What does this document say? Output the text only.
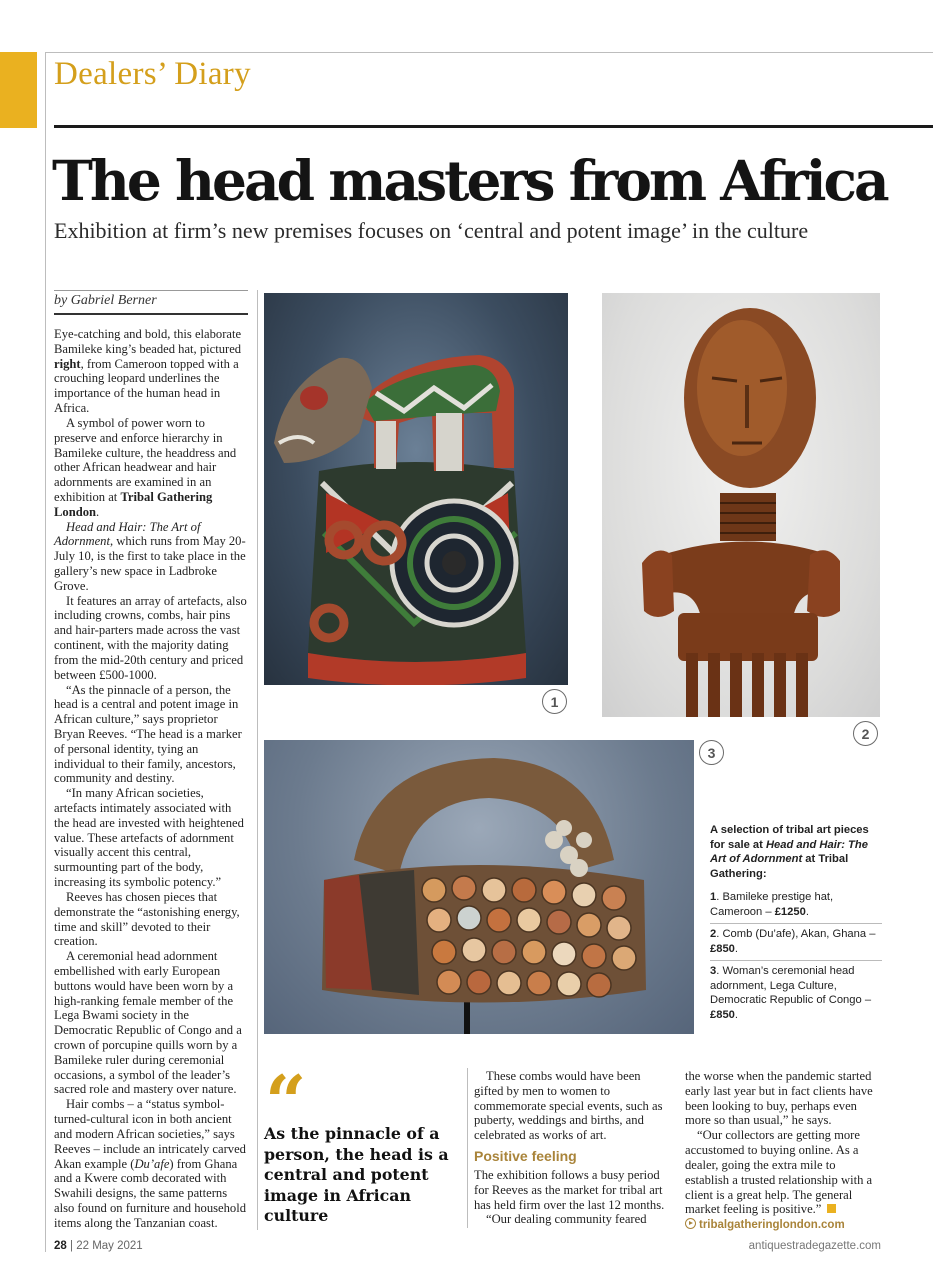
Dealers’ Diary
The head masters from Africa
Exhibition at firm’s new premises focuses on ‘central and potent image’ in the culture
by Gabriel Berner

Eye-catching and bold, this elaborate Bamileke king’s beaded hat, pictured right, from Cameroon topped with a crouching leopard underlines the importance of the human head in Africa.

A symbol of power worn to preserve and enforce hierarchy in Bamileke culture, the headdress and other African headwear and hair adornments are examined in an exhibition at Tribal Gathering London.

Head and Hair: The Art of Adornment, which runs from May 20-July 10, is the first to take place in the gallery’s new space in Ladbroke Grove.

It features an array of artefacts, also including crowns, combs, hair pins and hair-parters made across the vast continent, with the majority dating from the mid-20th century and priced between £500-1000.

“As the pinnacle of a person, the head is a central and potent image in African culture,” says proprietor Bryan Reeves. “The head is a marker of personal identity, tying an individual to their family, ancestors, community and destiny.

“In many African societies, artefacts intimately associated with the head are invested with heightened value. These artefacts of adornment visually accent this central, surmounting part of the body, increasing its symbolic potency.”

Reeves has chosen pieces that demonstrate the “astonishing energy, time and skill” devoted to their creation.

A ceremonial head adornment embellished with early European buttons would have been worn by a high-ranking female member of the Lega Bwami society in the Democratic Republic of Congo and a crown of porcupine quills worn by a Bamileke ruler during ceremonial occasions, a symbol of the leader’s sacred role and mastery over nature.

Hair combs – a “status symbol-turned-cultural icon in both ancient and modern African societies,” says Reeves – include an intricately carved Akan example (Du’afe) from Ghana and a Kwere comb decorated with Swahili designs, the same patterns also found on furniture and household items along the Tanzanian coast.

1
2
3
A selection of tribal art pieces for sale at Head and Hair: The Art of Adornment at Tribal Gathering:
1. Bamileke prestige hat, Cameroon – £1250.
2. Comb (Du’afe), Akan, Ghana – £850.
3. Woman’s ceremonial head adornment, Lega Culture, Democratic Republic of Congo – £850.
“
As the pinnacle of a person, the head is a central and potent image in African culture

These combs would have been gifted by men to women to commemorate special events, such as puberty, weddings and births, and celebrated as works of art.

Positive feeling

The exhibition follows a busy period for Reeves as the market for tribal art has held firm over the last 12 months.

“Our dealing community feared

the worse when the pandemic started early last year but in fact clients have been looking to buy, perhaps even more so than usual,” he says.

“Our collectors are getting more accustomed to buying online. As a dealer, going the extra mile to establish a trusted relationship with a client is a great help. The general market feeling is positive.”

tribalgatheringlondon.com
28 | 22 May 2021	antiquestradegazette.com
